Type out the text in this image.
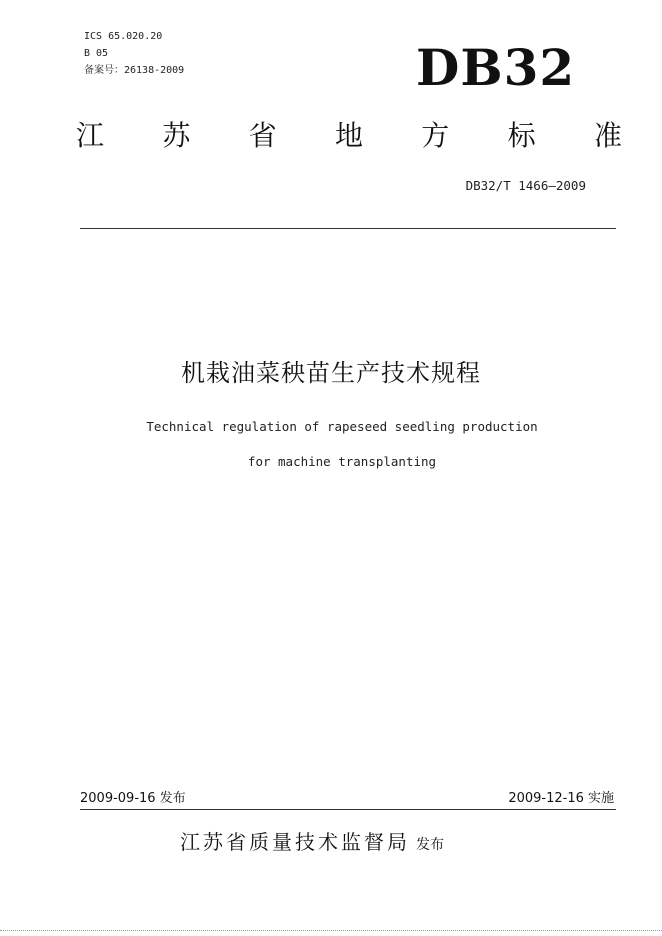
ICS 65.020.20
B 05
备案号：26138-2009	DB32
江 苏 省 地 方 标 准
DB32/T 1466—2009
机栽油菜秧苗生产技术规程
Technical regulation of rapeseed seedling production
for machine transplanting
2009-09-16 发布	2009-12-16 实施
江苏省质量技术监督局 发布
